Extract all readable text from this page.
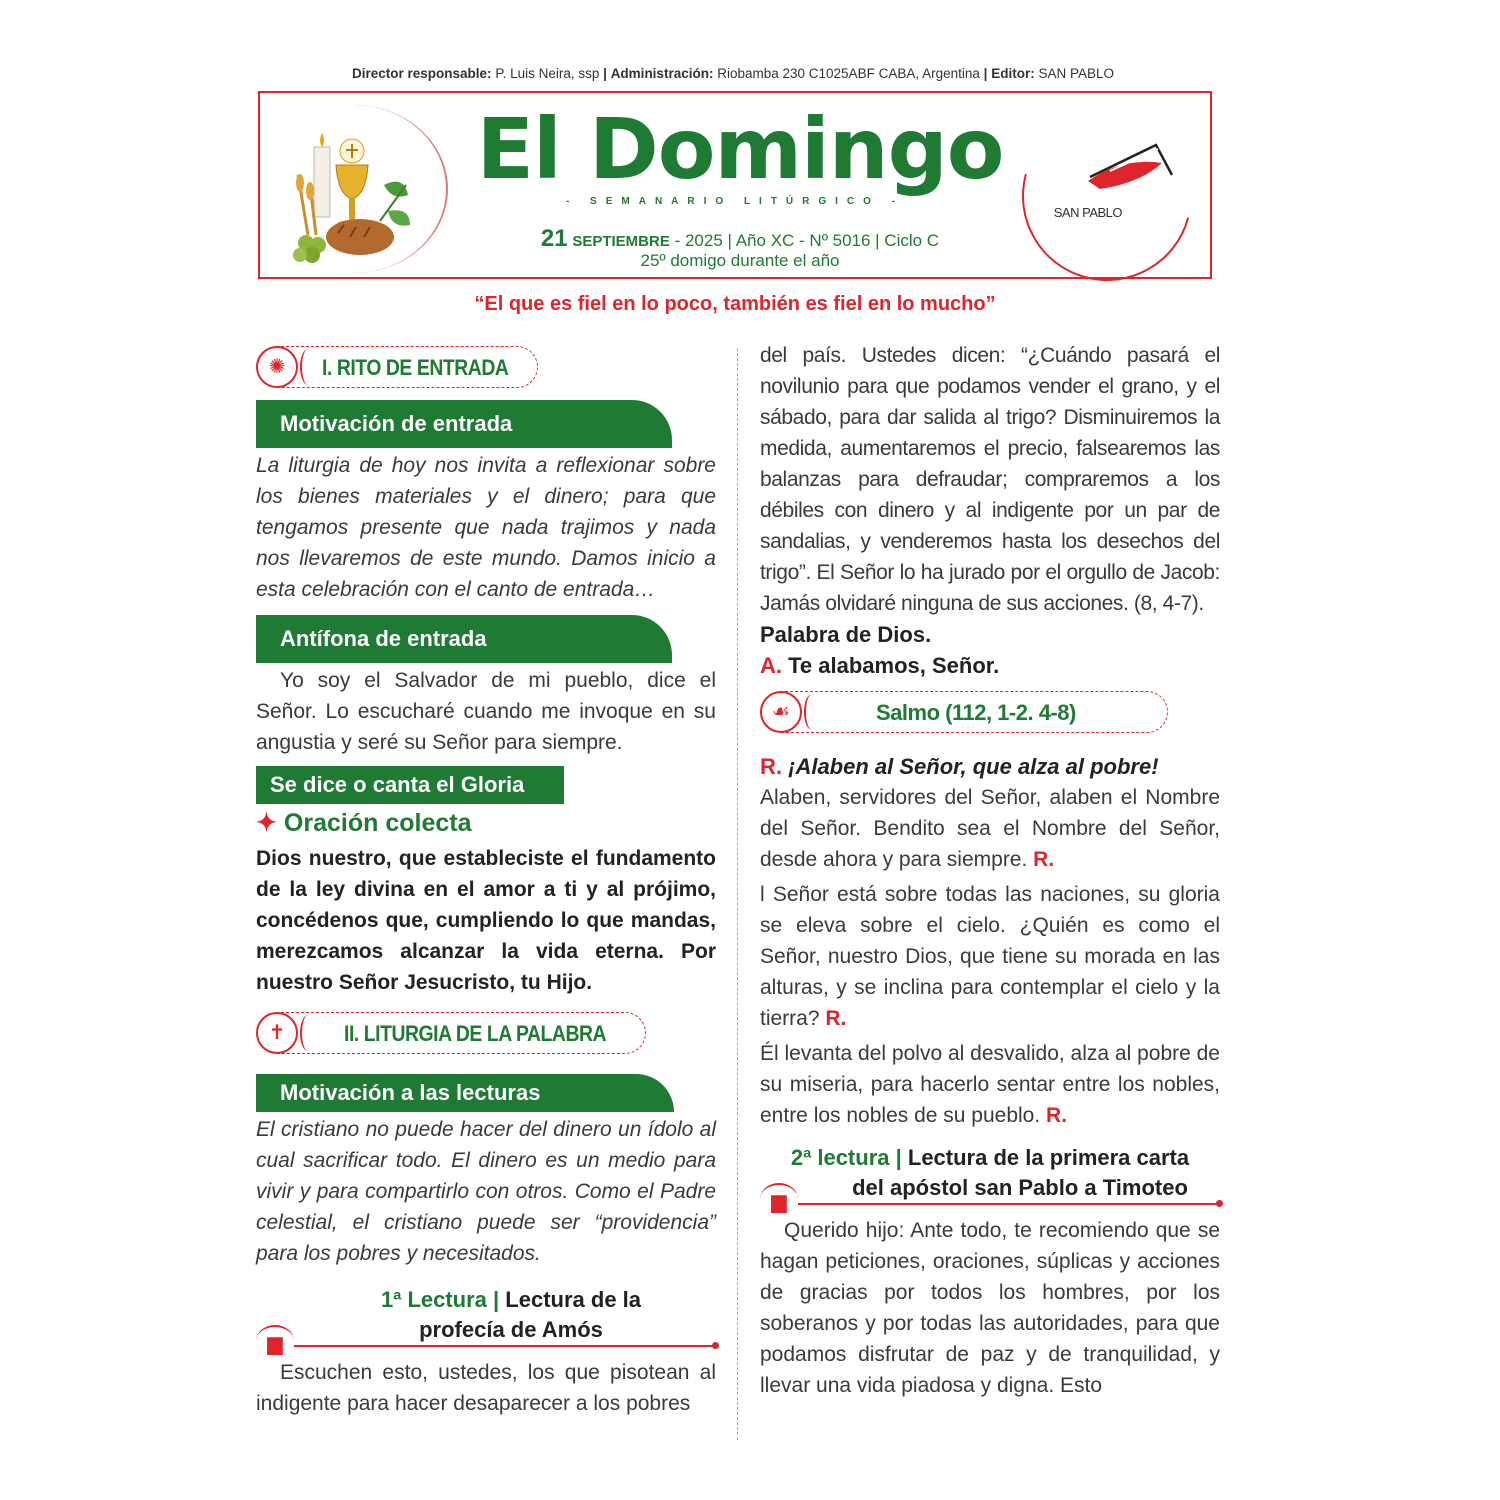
Director responsable: P. Luis Neira, ssp | Administración: Riobamba 230 C1025ABF CABA, Argentina | Editor: SAN PABLO
El Domingo
- SEMANARIO LITÚRGICO -
21 SEPTIEMBRE - 2025 | Año XC - Nº 5016 | Ciclo C
25º domigo durante el año
SAN PABLO
“El que es fiel en lo poco, también es fiel en lo mucho”
✺	I. RITO DE ENTRADA
Motivación de entrada
La liturgia de hoy nos invita a reflexionar sobre los bienes materiales y el dinero; para que tengamos presente que nada trajimos y nada nos llevaremos de este mundo. Damos inicio a esta celebración con el canto de entrada…
Antífona de entrada
Yo soy el Salvador de mi pueblo, dice el Señor. Lo escucharé cuando me invoque en su angustia y seré su Señor para siempre.
Se dice o canta el Gloria
✦ Oración colecta
Dios nuestro, que estableciste el fundamento de la ley divina en el amor a ti y al prójimo, concédenos que, cumpliendo lo que mandas, merezcamos alcanzar la vida eterna. Por nuestro Señor Jesucristo, tu Hijo.
✝	II. LITURGIA DE LA PALABRA
Motivación a las lecturas
El cristiano no puede hacer del dinero un ídolo al cual sacrificar todo. El dinero es un medio para vivir y para compartirlo con otros. Como el Padre celestial, el cristiano puede ser “providencia” para los pobres y necesitados.
1ª Lectura | Lectura de la
profecía de Amós
▆
Escuchen esto, ustedes, los que pisotean al indigente para hacer desaparecer a los pobres
del país. Ustedes dicen: “¿Cuándo pasará el novilunio para que podamos vender el grano, y el sábado, para dar salida al trigo? Disminuiremos la medida, aumentaremos el precio, falsearemos las balanzas para defraudar; compraremos a los débiles con dinero y al indigente por un par de sandalias, y venderemos hasta los desechos del trigo”. El Señor lo ha jurado por el orgullo de Jacob: Jamás olvidaré ninguna de sus acciones. (8, 4-7).
Palabra de Dios.
A. Te alabamos, Señor.
☙	Salmo (112, 1-2. 4-8)
R. ¡Alaben al Señor, que alza al pobre!
Alaben, servidores del Señor, alaben el Nombre del Señor. Bendito sea el Nombre del Señor, desde ahora y para siempre. R.
l Señor está sobre todas las naciones, su gloria se eleva sobre el cielo. ¿Quién es como el Señor, nuestro Dios, que tiene su morada en las alturas, y se inclina para contemplar el cielo y la tierra? R.
Él levanta del polvo al desvalido, alza al pobre de su miseria, para hacerlo sentar entre los nobles, entre los nobles de su pueblo. R.
2ª lectura | Lectura de la primera carta
del apóstol san Pablo a Timoteo
▆
Querido hijo: Ante todo, te recomiendo que se hagan peticiones, oraciones, súplicas y acciones de gracias por todos los hombres, por los soberanos y por todas las autoridades, para que podamos disfrutar de paz y de tranquilidad, y llevar una vida piadosa y digna. Esto
